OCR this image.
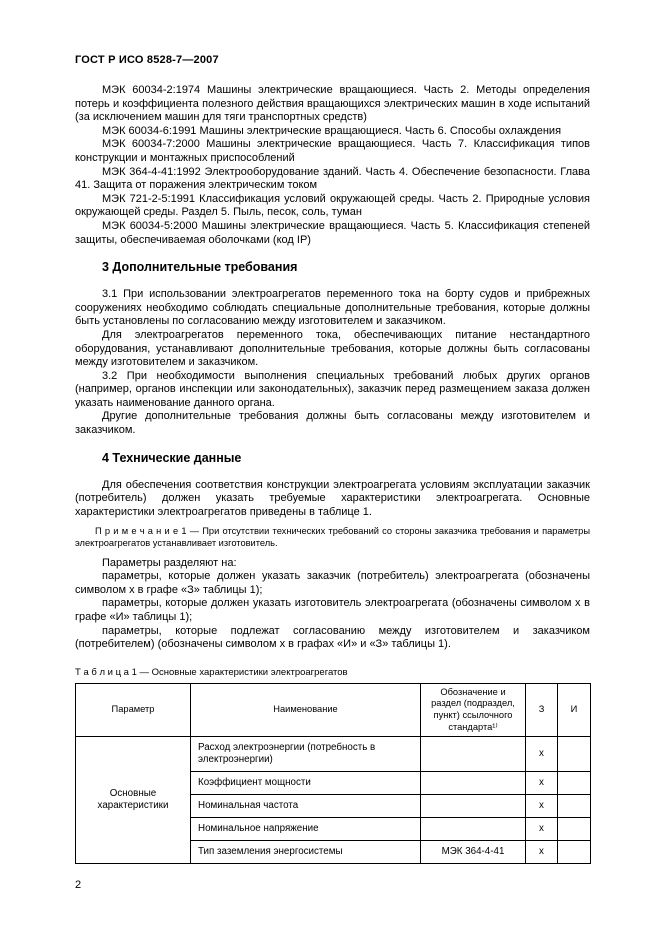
ГОСТ Р ИСО 8528-7—2007

МЭК 60034-2:1974 Машины электрические вращающиеся. Часть 2. Методы определения потерь и коэффициента полезного действия вращающихся электрических машин в ходе испытаний (за исключением машин для тяги транспортных средств)

МЭК 60034-6:1991 Машины электрические вращающиеся. Часть 6. Способы охлаждения

МЭК 60034-7:2000 Машины электрические вращающиеся. Часть 7. Классификация типов конструкции и монтажных приспособлений

МЭК 364-4-41:1992 Электрооборудование зданий. Часть 4. Обеспечение безопасности. Глава 41. Защита от поражения электрическим током

МЭК 721-2-5:1991 Классификация условий окружающей среды. Часть 2. Природные условия окружающей среды. Раздел 5. Пыль, песок, соль, туман

МЭК 60034-5:2000 Машины электрические вращающиеся. Часть 5. Классификация степеней защиты, обеспечиваемая оболочками (код IP)

3 Дополнительные требования

3.1 При использовании электроагрегатов переменного тока на борту судов и прибрежных сооружениях необходимо соблюдать специальные дополнительные требования, которые должны быть установлены по согласованию между изготовителем и заказчиком.

Для электроагрегатов переменного тока, обеспечивающих питание нестандартного оборудования, устанавливают дополнительные требования, которые должны быть согласованы между изготовителем и заказчиком.

3.2 При необходимости выполнения специальных требований любых других органов (например, органов инспекции или законодательных), заказчик перед размещением заказа должен указать наименование данного органа.

Другие дополнительные требования должны быть согласованы между изготовителем и заказчиком.

4 Технические данные

Для обеспечения соответствия конструкции электроагрегата условиям эксплуатации заказчик (потребитель) должен указать требуемые характеристики электроагрегата. Основные характеристики электроагрегатов приведены в таблице 1.

П р и м е ч а н и е 1 — При отсутствии технических требований со стороны заказчика требования и параметры электроагрегатов устанавливает изготовитель.

Параметры разделяют на:

параметры, которые должен указать заказчик (потребитель) электроагрегата (обозначены символом х в графе «З» таблицы 1);

параметры, которые должен указать изготовитель электроагрегата (обозначены символом х в графе «И» таблицы 1);

параметры, которые подлежат согласованию между изготовителем и заказчиком (потребителем) (обозначены символом х в графах «И» и «З» таблицы 1).

Т а б л и ц а 1 — Основные характеристики электроагрегатов

Параметр	Наименование	Обозначение и раздел (подраздел, пункт) ссылочного стандарта¹⁾	З	И
Основные характеристики	Расход электроэнергии (потребность в электроэнергии)		х	
	Коэффициент мощности		х	
	Номинальная частота		х	
	Номинальное напряжение		х	
	Тип заземления энергосистемы	МЭК 364-4-41	х	
2
